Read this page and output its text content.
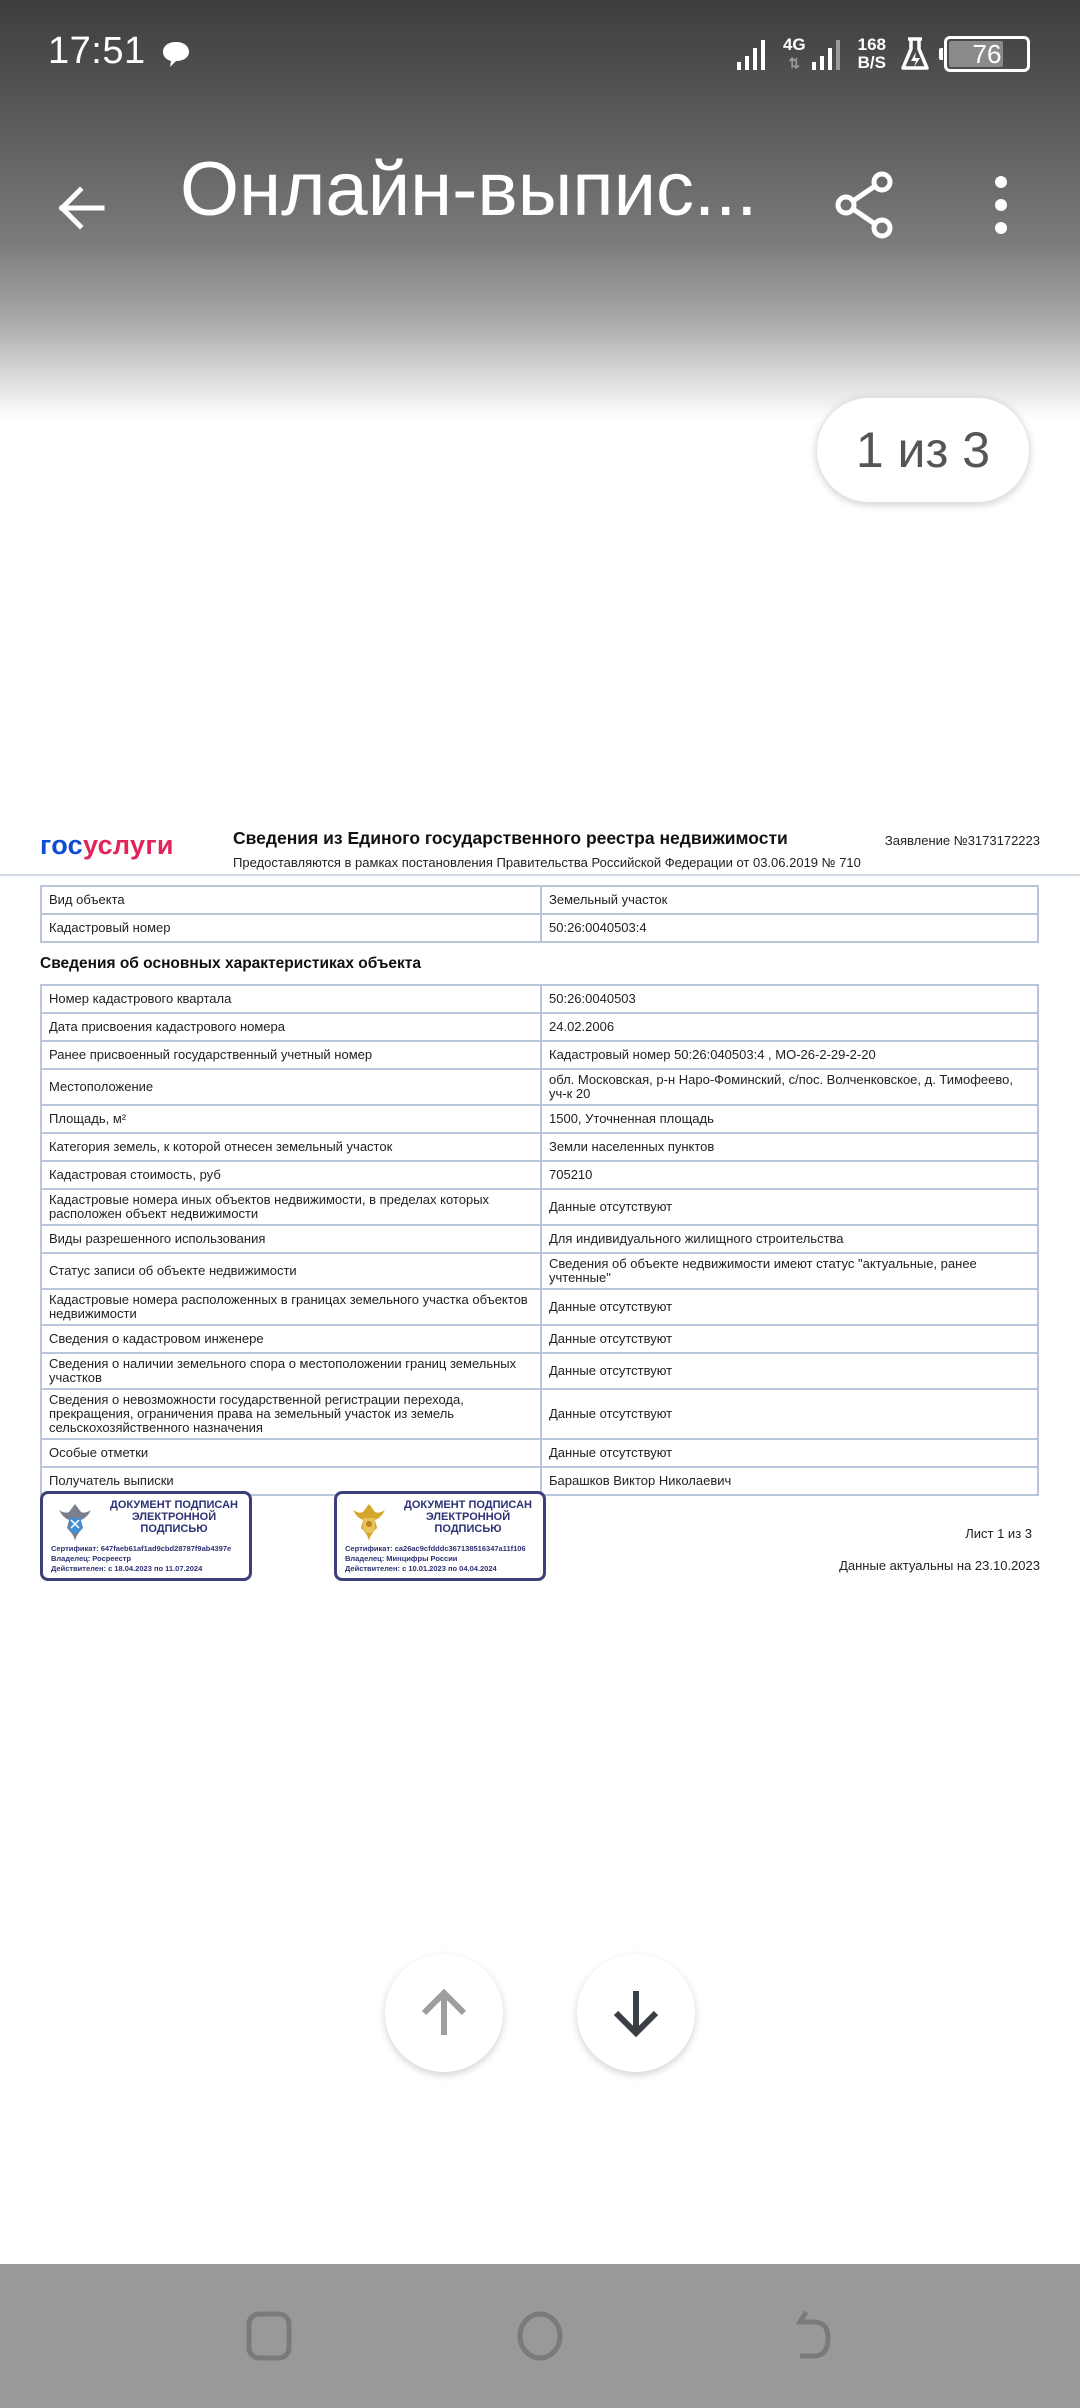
17:51	4G
⇅
168
B/S	76
Онлайн-выпис...
1 из 3
госуслуги	Сведения из Единого государственного реестра недвижимости
Предоставляются в рамках постановления Правительства Российской Федерации от 03.06.2019 № 710
Заявление №3173172223
Вид объекта	Земельный участок
Кадастровый номер	50:26:0040503:4
Сведения об основных характеристиках объекта
Номер кадастрового квартала	50:26:0040503
Дата присвоения кадастрового номера	24.02.2006
Ранее присвоенный государственный учетный номер	Кадастровый номер 50:26:040503:4 , МО-26-2-29-2-20
Местоположение	обл. Московская, р-н Наро-Фоминский, с/пос. Волченковское, д. Тимофеево, уч-к 20
Площадь, м²	1500, Уточненная площадь
Категория земель, к которой отнесен земельный участок	Земли населенных пунктов
Кадастровая стоимость, руб	705210
Кадастровые номера иных объектов недвижимости, в пределах которых расположен объект недвижимости	Данные отсутствуют
Виды разрешенного использования	Для индивидуального жилищного строительства
Статус записи об объекте недвижимости	Сведения об объекте недвижимости имеют статус "актуальные, ранее учтенные"
Кадастровые номера расположенных в границах земельного участка объектов недвижимости	Данные отсутствуют
Сведения о кадастровом инженере	Данные отсутствуют
Сведения о наличии земельного спора о местоположении границ земельных участков	Данные отсутствуют
Сведения о невозможности государственной регистрации перехода, прекращения, ограничения права на земельный участок из земель сельскохозяйственного назначения	Данные отсутствуют
Особые отметки	Данные отсутствуют
Получатель выписки	Барашков Виктор Николаевич
ДОКУМЕНТ ПОДПИСАН
ЭЛЕКТРОННОЙ
ПОДПИСЬЮ
Сертификат: 647faeb61af1ad9cbd28787f9ab4397e
Владелец: Росреестр
Действителен: с 18.04.2023 по 11.07.2024
ДОКУМЕНТ ПОДПИСАН
ЭЛЕКТРОННОЙ
ПОДПИСЬЮ
Сертификат: ca26ac9cfdddc367138516347a11f106
Владелец: Минцифры России
Действителен: с 10.01.2023 по 04.04.2024
Лист 1 из 3
Данные актуальны на 23.10.2023
